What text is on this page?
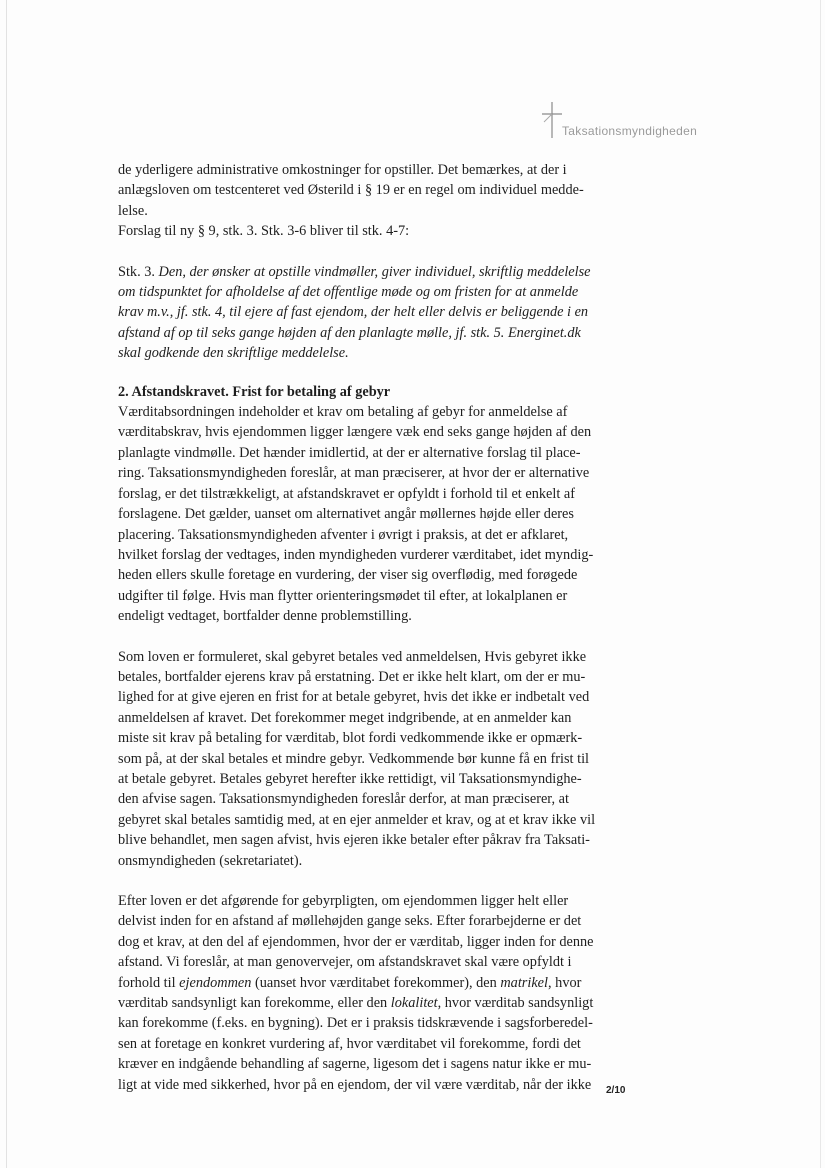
Taksationsmyndigheden

de yderligere administrative omkostninger for opstiller. Det bemærkes, at der i

anlægsloven om testcenteret ved Østerild i § 19 er en regel om individuel medde-

lelse.

Forslag til ny § 9, stk. 3. Stk. 3-6 bliver til stk. 4-7:

Stk. 3. Den, der ønsker at opstille vindmøller, giver individuel, skriftlig meddelelse

om tidspunktet for afholdelse af det offentlige møde og om fristen for at anmelde

krav m.v., jf. stk. 4, til ejere af fast ejendom, der helt eller delvis er beliggende i en

afstand af op til seks gange højden af den planlagte mølle, jf. stk. 5. Energinet.dk

skal godkende den skriftlige meddelelse.

2. Afstandskravet. Frist for betaling af gebyr

Værditabsordningen indeholder et krav om betaling af gebyr for anmeldelse af

værditabskrav, hvis ejendommen ligger længere væk end seks gange højden af den

planlagte vindmølle. Det hænder imidlertid, at der er alternative forslag til place-

ring. Taksationsmyndigheden foreslår, at man præciserer, at hvor der er alternative

forslag, er det tilstrækkeligt, at afstandskravet er opfyldt i forhold til et enkelt af

forslagene. Det gælder, uanset om alternativet angår møllernes højde eller deres

placering. Taksationsmyndigheden afventer i øvrigt i praksis, at det er afklaret,

hvilket forslag der vedtages, inden myndigheden vurderer værditabet, idet myndig-

heden ellers skulle foretage en vurdering, der viser sig overflødig, med forøgede

udgifter til følge. Hvis man flytter orienteringsmødet til efter, at lokalplanen er

endeligt vedtaget, bortfalder denne problemstilling.

Som loven er formuleret, skal gebyret betales ved anmeldelsen, Hvis gebyret ikke

betales, bortfalder ejerens krav på erstatning. Det er ikke helt klart, om der er mu-

lighed for at give ejeren en frist for at betale gebyret, hvis det ikke er indbetalt ved

anmeldelsen af kravet. Det forekommer meget indgribende, at en anmelder kan

miste sit krav på betaling for værditab, blot fordi vedkommende ikke er opmærk-

som på, at der skal betales et mindre gebyr. Vedkommende bør kunne få en frist til

at betale gebyret. Betales gebyret herefter ikke rettidigt, vil Taksationsmyndighe-

den afvise sagen. Taksationsmyndigheden foreslår derfor, at man præciserer, at

gebyret skal betales samtidig med, at en ejer anmelder et krav, og at et krav ikke vil

blive behandlet, men sagen afvist, hvis ejeren ikke betaler efter påkrav fra Taksati-

onsmyndigheden (sekretariatet).

Efter loven er det afgørende for gebyrpligten, om ejendommen ligger helt eller

delvist inden for en afstand af møllehøjden gange seks. Efter forarbejderne er det

dog et krav, at den del af ejendommen, hvor der er værditab, ligger inden for denne

afstand. Vi foreslår, at man genovervejer, om afstandskravet skal være opfyldt i

forhold til ejendommen (uanset hvor værditabet forekommer), den matrikel, hvor

værditab sandsynligt kan forekomme, eller den lokalitet, hvor værditab sandsynligt

kan forekomme (f.eks. en bygning). Det er i praksis tidskrævende i sagsforberedel-

sen at foretage en konkret vurdering af, hvor værditabet vil forekomme, fordi det

kræver en indgående behandling af sagerne, ligesom det i sagens natur ikke er mu-

ligt at vide med sikkerhed, hvor på en ejendom, der vil være værditab, når der ikke	2/10
